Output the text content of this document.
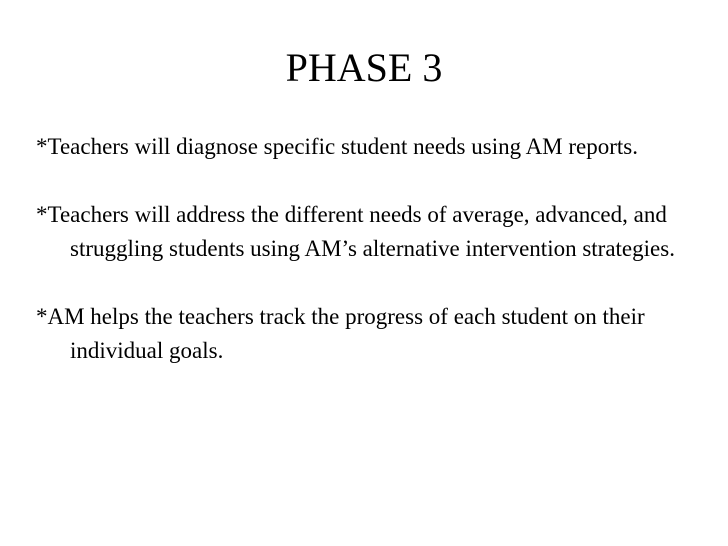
PHASE 3
*Teachers will diagnose specific student needs using AM reports.
*Teachers will address the different needs of average, advanced, and struggling students using AM’s alternative intervention strategies.
*AM helps the teachers track the progress of each student on their individual goals.
